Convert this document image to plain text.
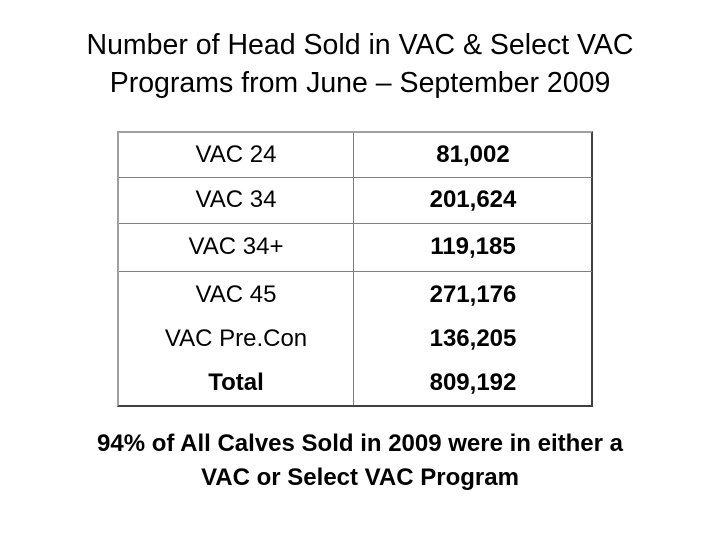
Number of Head Sold in VAC & Select VAC
Programs from June – September 2009
VAC 24	81,002
VAC 34	201,624
VAC 34+	119,185
VAC 45	271,176
VAC Pre.Con	136,205
Total	809,192
94% of All Calves Sold in 2009 were in either a
VAC or Select VAC Program
